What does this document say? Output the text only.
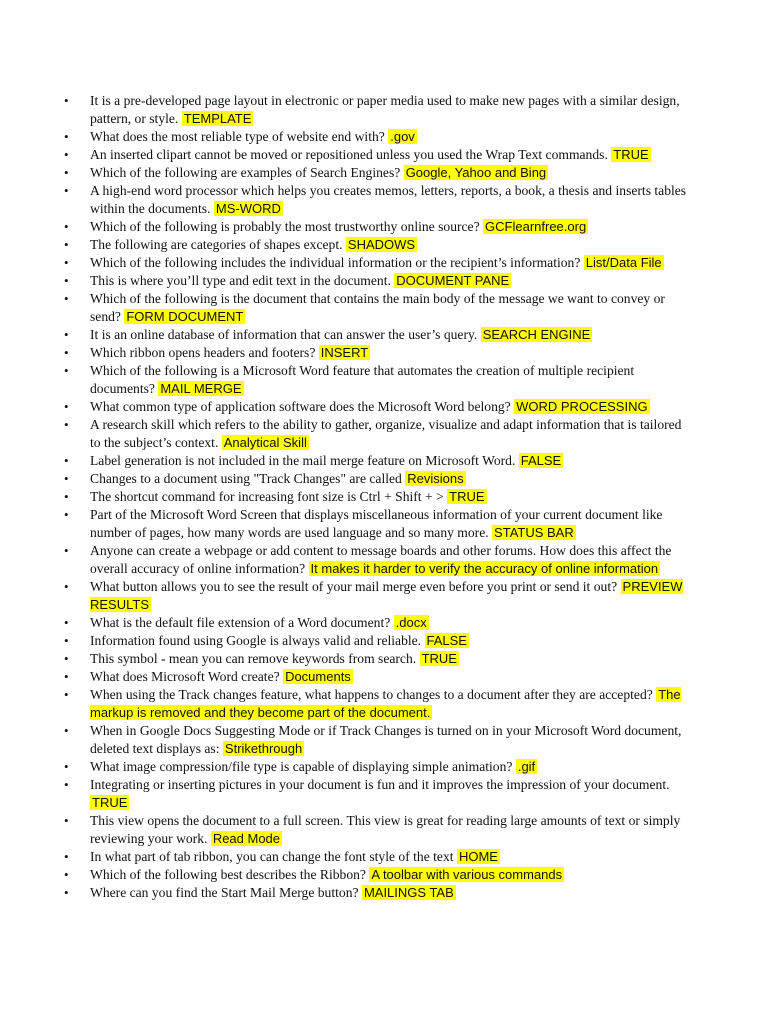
• It is a pre-developed page layout in electronic or paper media used to make new pages with a similar design, pattern, or style. TEMPLATE
• What does the most reliable type of website end with? .gov
• An inserted clipart cannot be moved or repositioned unless you used the Wrap Text commands. TRUE
• Which of the following are examples of Search Engines? Google, Yahoo and Bing
• A high-end word processor which helps you creates memos, letters, reports, a book, a thesis and inserts tables within the documents. MS-WORD
• Which of the following is probably the most trustworthy online source? GCFlearnfree.org
• The following are categories of shapes except. SHADOWS
• Which of the following includes the individual information or the recipient’s information? List/Data File
• This is where you’ll type and edit text in the document. DOCUMENT PANE
• Which of the following is the document that contains the main body of the message we want to convey or send? FORM DOCUMENT
• It is an online database of information that can answer the user’s query. SEARCH ENGINE
• Which ribbon opens headers and footers? INSERT
• Which of the following is a Microsoft Word feature that automates the creation of multiple recipient documents? MAIL MERGE
• What common type of application software does the Microsoft Word belong? WORD PROCESSING
• A research skill which refers to the ability to gather, organize, visualize and adapt information that is tailored to the subject’s context. Analytical Skill
• Label generation is not included in the mail merge feature on Microsoft Word. FALSE
• Changes to a document using "Track Changes" are called Revisions
• The shortcut command for increasing font size is Ctrl + Shift + > TRUE
• Part of the Microsoft Word Screen that displays miscellaneous information of your current document like number of pages, how many words are used language and so many more. STATUS BAR
• Anyone can create a webpage or add content to message boards and other forums. How does this affect the overall accuracy of online information? It makes it harder to verify the accuracy of online information
• What button allows you to see the result of your mail merge even before you print or send it out? PREVIEW RESULTS
• What is the default file extension of a Word document? .docx
• Information found using Google is always valid and reliable. FALSE
• This symbol - mean you can remove keywords from search. TRUE
• What does Microsoft Word create? Documents
• When using the Track changes feature, what happens to changes to a document after they are accepted? The markup is removed and they become part of the document.
• When in Google Docs Suggesting Mode or if Track Changes is turned on in your Microsoft Word document, deleted text displays as: Strikethrough
• What image compression/file type is capable of displaying simple animation? .gif
• Integrating or inserting pictures in your document is fun and it improves the impression of your document. TRUE
• This view opens the document to a full screen. This view is great for reading large amounts of text or simply reviewing your work. Read Mode
• In what part of tab ribbon, you can change the font style of the text HOME
• Which of the following best describes the Ribbon? A toolbar with various commands
• Where can you find the Start Mail Merge button? MAILINGS TAB
